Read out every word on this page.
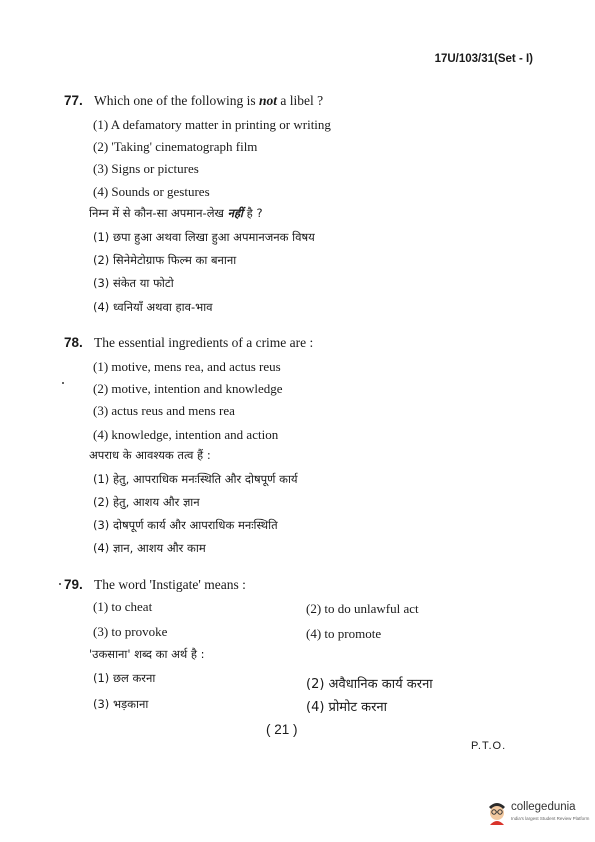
17U/103/31(Set - I)
77. Which one of the following is not a libel ?
(1) A defamatory matter in printing or writing
(2) 'Taking' cinematograph film
(3) Signs or pictures
(4) Sounds or gestures
निम्न में से कौन-सा अपमान-लेख नहीं है ?
(1) छपा हुआ अथवा लिखा हुआ अपमानजनक विषय
(2) सिनेमेटोग्राफ फिल्म का बनाना
(3) संकेत या फोटो
(4) ध्वनियाँ अथवा हाव-भाव
78. The essential ingredients of a crime are :
(1) motive, mens rea, and actus reus
(2) motive, intention and knowledge
(3) actus reus and mens rea
(4) knowledge, intention and action
अपराध के आवश्यक तत्व हैं :
(1) हेतु, आपराधिक मनःस्थिति और दोषपूर्ण कार्य
(2) हेतु, आशय और ज्ञान
(3) दोषपूर्ण कार्य और आपराधिक मनःस्थिति
(4) ज्ञान, आशय और काम
79. The word 'Instigate' means :
(1) to cheat	(2) to do unlawful act
(3) to provoke	(4) to promote
'उकसाना' शब्द का अर्थ है :
(1) छल करना	(2) अवैधानिक कार्य करना
(3) भड़काना	(4) प्रोमोट करना
( 21 )
P.T.O.
collegedunia
India's largest Student Review Platform
